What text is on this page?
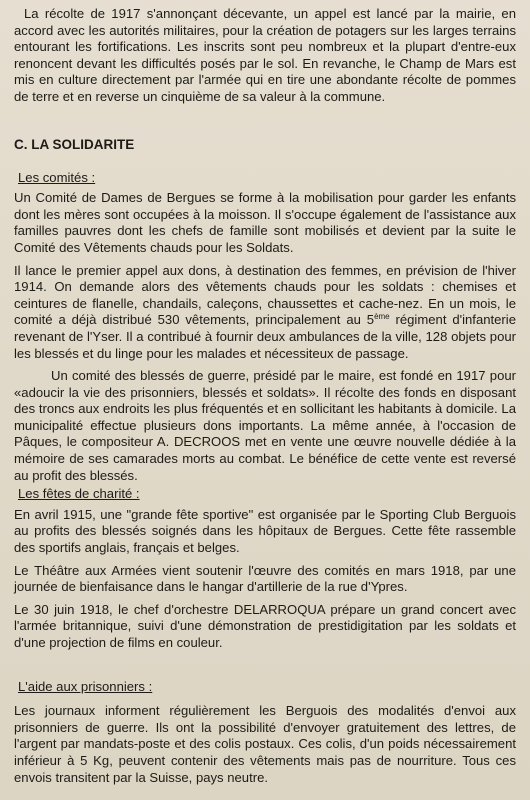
La récolte de 1917 s'annonçant décevante, un appel est lancé par la mairie, en accord avec les autorités militaires, pour la création de potagers sur les larges terrains entourant les fortifications. Les inscrits sont peu nombreux et la plupart d'entre-eux renoncent devant les difficultés posés par le sol. En revanche, le Champ de Mars est mis en culture directement par l'armée qui en tire une abondante récolte de pommes de terre et en reverse un cinquième de sa valeur à la commune.

C. LA SOLIDARITE
Les comités :

Un Comité de Dames de Bergues se forme à la mobilisation pour garder les enfants dont les mères sont occupées à la moisson. Il s'occupe également de l'assistance aux familles pauvres dont les chefs de famille sont mobilisés et devient par la suite le Comité des Vêtements chauds pour les Soldats.

Il lance le premier appel aux dons, à destination des femmes, en prévision de l'hiver 1914. On demande alors des vêtements chauds pour les soldats : chemises et ceintures de flanelle, chandails, caleçons, chaussettes et cache-nez. En un mois, le comité a déjà distribué 530 vêtements, principalement au 5ème régiment d'infanterie revenant de l'Yser. Il a contribué à fournir deux ambulances de la ville, 128 objets pour les blessés et du linge pour les malades et nécessiteux de passage.

Un comité des blessés de guerre, présidé par le maire, est fondé en 1917 pour «adoucir la vie des prisonniers, blessés et soldats». Il récolte des fonds en disposant des troncs aux endroits les plus fréquentés et en sollicitant les habitants à domicile. La municipalité effectue plusieurs dons importants. La même année, à l'occasion de Pâques, le compositeur A. DECROOS met en vente une œuvre nouvelle dédiée à la mémoire de ses camarades morts au combat. Le bénéfice de cette vente est reversé au profit des blessés.

Les fêtes de charité :

En avril 1915, une "grande fête sportive" est organisée par le Sporting Club Berguois au profits des blessés soignés dans les hôpitaux de Bergues. Cette fête rassemble des sportifs anglais, français et belges.

Le Théâtre aux Armées vient soutenir l'œuvre des comités en mars 1918, par une journée de bienfaisance dans le hangar d'artillerie de la rue d'Ypres.

Le 30 juin 1918, le chef d'orchestre DELARROQUA prépare un grand concert avec l'armée britannique, suivi d'une démonstration de prestidigitation par les soldats et d'une projection de films en couleur.

L'aide aux prisonniers :

Les journaux informent régulièrement les Berguois des modalités d'envoi aux prisonniers de guerre. Ils ont la possibilité d'envoyer gratuitement des lettres, de l'argent par mandats-poste et des colis postaux. Ces colis, d'un poids nécessairement inférieur à 5 Kg, peuvent contenir des vêtements mais pas de nourriture. Tous ces envois transitent par la Suisse, pays neutre.
